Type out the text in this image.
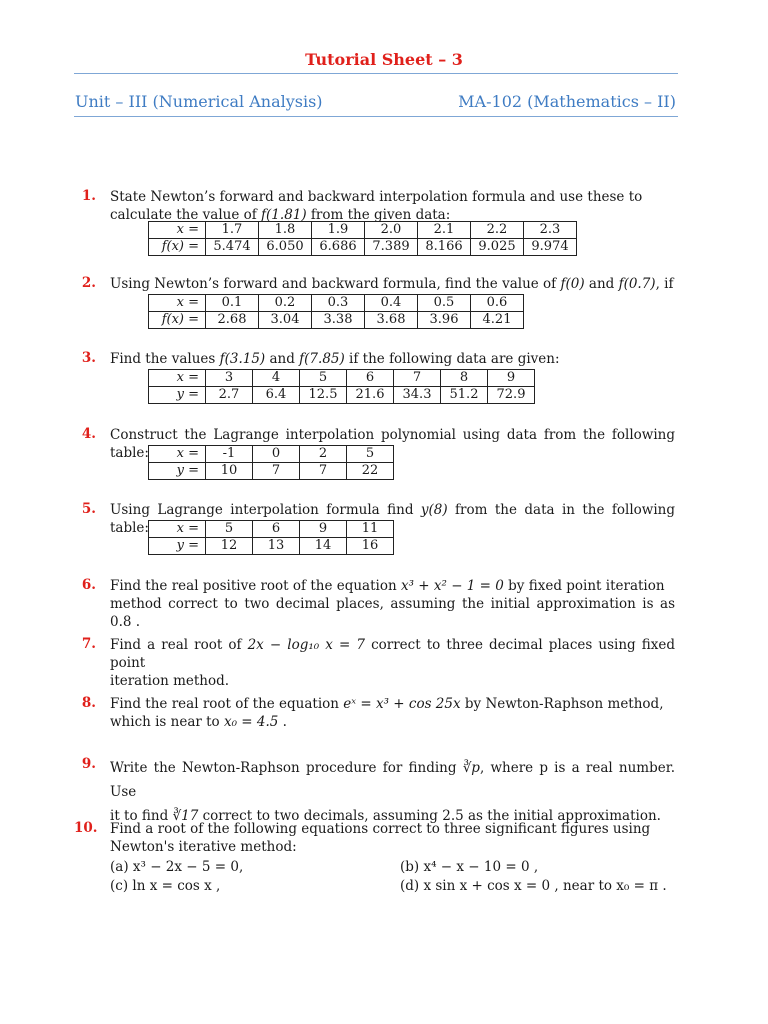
Tutorial Sheet – 3
Unit – III (Numerical Analysis)	MA-102 (Mathematics – II)
1. State Newton’s forward and backward interpolation formula and use these to
calculate the value of f(1.81) from the given data:
x =	1.7	1.8	1.9	2.0	2.1	2.2	2.3
f(x) =	5.474	6.050	6.686	7.389	8.166	9.025	9.974
2. Using Newton’s forward and backward formula, find the value of f(0) and f(0.7), if
x =	0.1	0.2	0.3	0.4	0.5	0.6
f(x) =	2.68	3.04	3.38	3.68	3.96	4.21
3. Find the values f(3.15) and f(7.85) if the following data are given:
x =	3	4	5	6	7	8	9
y =	2.7	6.4	12.5	21.6	34.3	51.2	72.9
4. Construct the Lagrange interpolation polynomial using data from the following table:	x =	-1	0	2	5
y =	10	7	7	22
5. Using Lagrange interpolation formula find y(8) from the data in the following table:	x =	5	6	9	11
y =	12	13	14	16
6. Find the real positive root of the equation x³ + x² − 1 = 0 by fixed point iteration
method correct to two decimal places, assuming the initial approximation is as 0.8 .
7. Find a real root of 2x − log₁₀ x = 7 correct to three decimal places using fixed point
iteration method.
8. Find the real root of the equation eˣ = x³ + cos 25x by Newton-Raphson method,
which is near to x₀ = 4.5 .
9. Write the Newton-Raphson procedure for finding ∛p, where p is a real number. Use
it to find ∛17 correct to two decimals, assuming 2.5 as the initial approximation.
10. Find a root of the following equations correct to three significant figures using
Newton's iterative method:
(a) x³ − 2x − 5 = 0,	(b) x⁴ − x − 10 = 0 ,
(c) ln x = cos x ,	(d) x sin x + cos x = 0 , near to x₀ = π .
